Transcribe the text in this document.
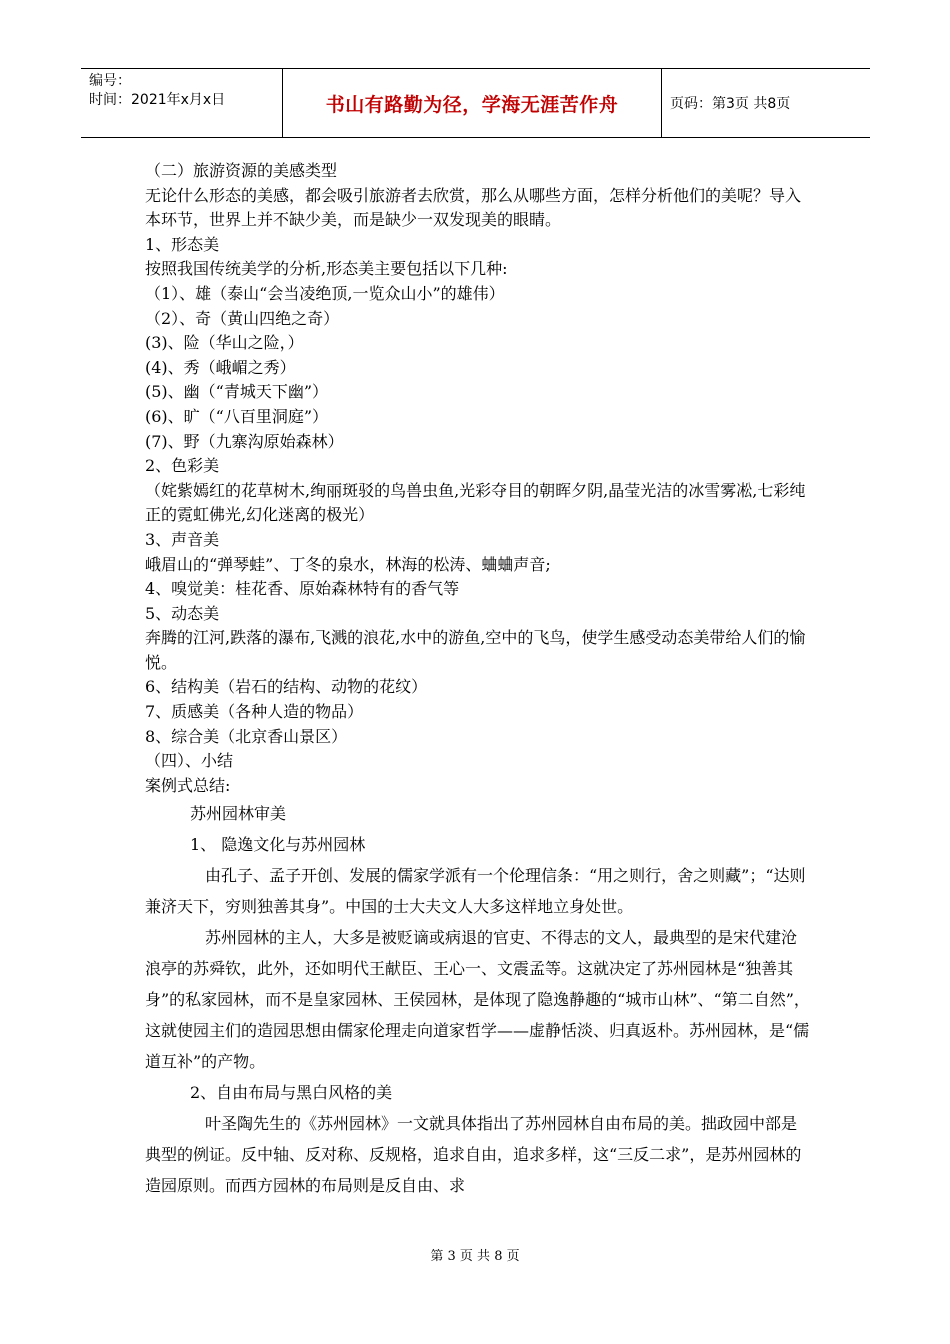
编号：
时间：2021年x月x日	书山有路勤为径，学海无涯苦作舟	页码：第3页 共8页

（二）旅游资源的美感类型

无论什么形态的美感，都会吸引旅游者去欣赏，那么从哪些方面，怎样分析他们的美呢？导入本环节，世界上并不缺少美，而是缺少一双发现美的眼睛。

1、形态美

按照我国传统美学的分析,形态美主要包括以下几种:

（1）、雄（泰山“会当凌绝顶,一览众山小”的雄伟）

（2）、奇（黄山四绝之奇）

(3)、险（华山之险，）

(4)、秀（峨嵋之秀）

(5)、幽（“青城天下幽”）

(6)、旷（“八百里洞庭”）

(7)、野（九寨沟原始森林）

2、色彩美

（姹紫嫣红的花草树木,绚丽斑驳的鸟兽虫鱼,光彩夺目的朝晖夕阴,晶莹光洁的冰雪雾凇,七彩纯正的霓虹佛光,幻化迷离的极光）

3、声音美

峨眉山的“弹琴蛙”、丁冬的泉水，林海的松涛、蛐蛐声音;

4、嗅觉美：桂花香、原始森林特有的香气等

5、动态美

奔腾的江河,跌落的瀑布,飞溅的浪花,水中的游鱼,空中的飞鸟，使学生感受动态美带给人们的愉悦。

6、结构美（岩石的结构、动物的花纹）

7、质感美（各种人造的物品）

8、综合美（北京香山景区）

（四）、小结

案例式总结:

苏州园林审美

1、 隐逸文化与苏州园林

由孔子、孟子开创、发展的儒家学派有一个伦理信条：“用之则行，舍之则藏”；“达则兼济天下，穷则独善其身”。中国的士大夫文人大多这样地立身处世。

苏州园林的主人，大多是被贬谪或病退的官吏、不得志的文人，最典型的是宋代建沧浪亭的苏舜钦，此外，还如明代王献臣、王心一、文震孟等。这就决定了苏州园林是“独善其身”的私家园林，而不是皇家园林、王侯园林，是体现了隐逸静趣的“城市山林”、“第二自然”，这就使园主们的造园思想由儒家伦理走向道家哲学——虚静恬淡、归真返朴。苏州园林，是“儒道互补”的产物。

2、自由布局与黑白风格的美

叶圣陶先生的《苏州园林》一文就具体指出了苏州园林自由布局的美。拙政园中部是典型的例证。反中轴、反对称、反规格，追求自由，追求多样，这“三反二求”，是苏州园林的造园原则。而西方园林的布局则是反自由、求

第 3 页 共 8 页
